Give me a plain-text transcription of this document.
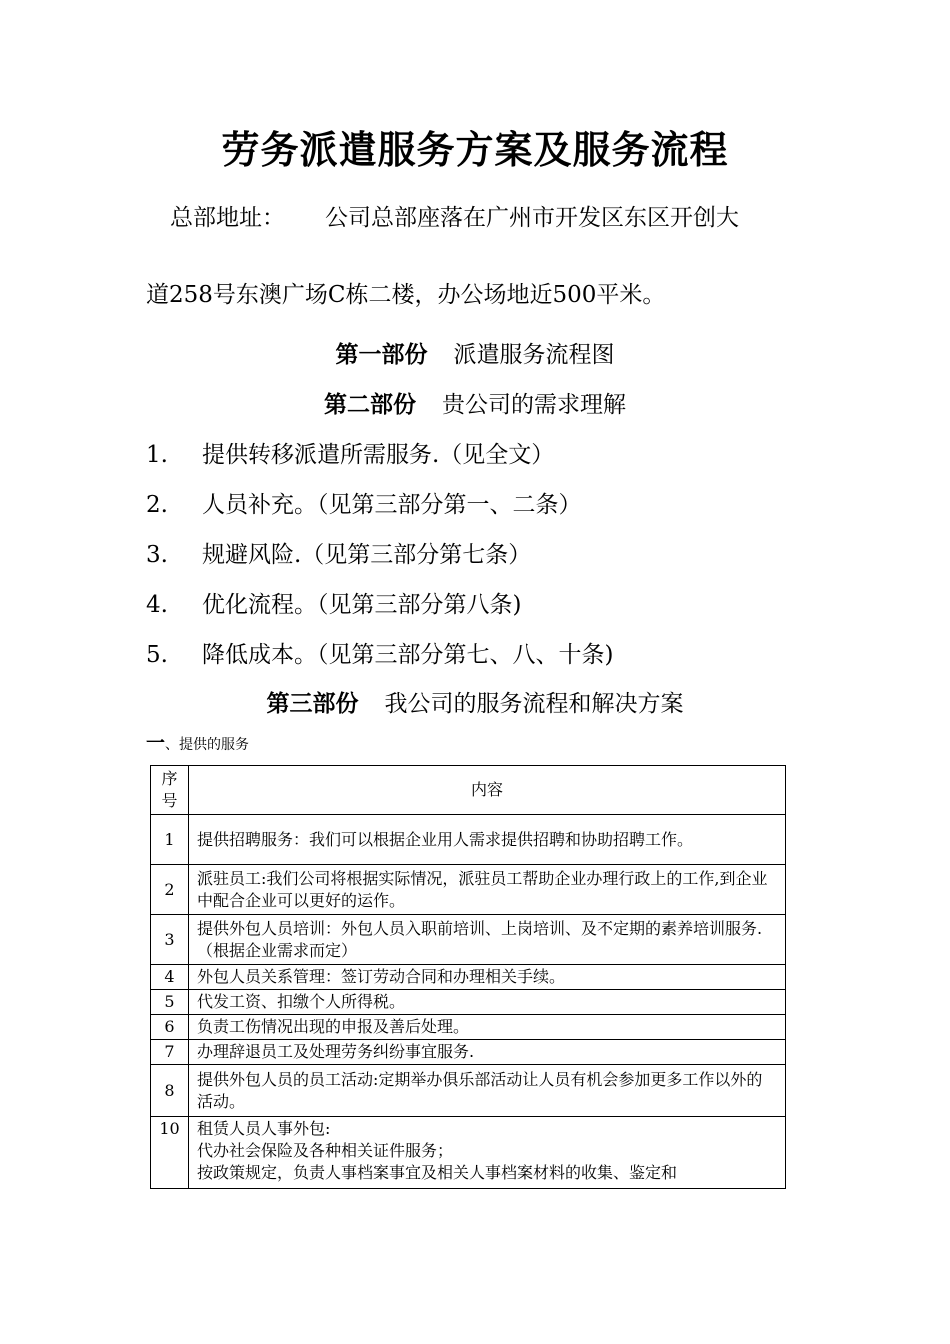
劳务派遣服务方案及服务流程
总部地址： 公司总部座落在广州市开发区东区开创大
道258号东澳广场C栋二楼，办公场地近500平米。
第一部份 派遣服务流程图
第二部份 贵公司的需求理解
1. 提供转移派遣所需服务.（见全文）
2. 人员补充。（见第三部分第一、二条）
3. 规避风险.（见第三部分第七条）
4. 优化流程。（见第三部分第八条)
5. 降低成本。（见第三部分第七、八、十条)
第三部份 我公司的服务流程和解决方案
一、提供的服务
序
号	内容
1	提供招聘服务：我们可以根据企业用人需求提供招聘和协助招聘工作。

2	派驻员工:我们公司将根据实际情况，派驻员工帮助企业办理行政上的工作,到企业中配合企业可以更好的运作。

3	提供外包人员培训：外包人员入职前培训、上岗培训、及不定期的素养培训服务.（根据企业需求而定）

4	外包人员关系管理：签订劳动合同和办理相关手续。

5	代发工资、扣缴个人所得税。

6	负责工伤情况出现的申报及善后处理。

7	办理辞退员工及处理劳务纠纷事宜服务.

8	提供外包人员的员工活动:定期举办俱乐部活动让人员有机会参加更多工作以外的活动。

10	租赁人员人事外包:
代办社会保险及各种相关证件服务；
按政策规定，负责人事档案事宜及相关人事档案材料的收集、鉴定和
